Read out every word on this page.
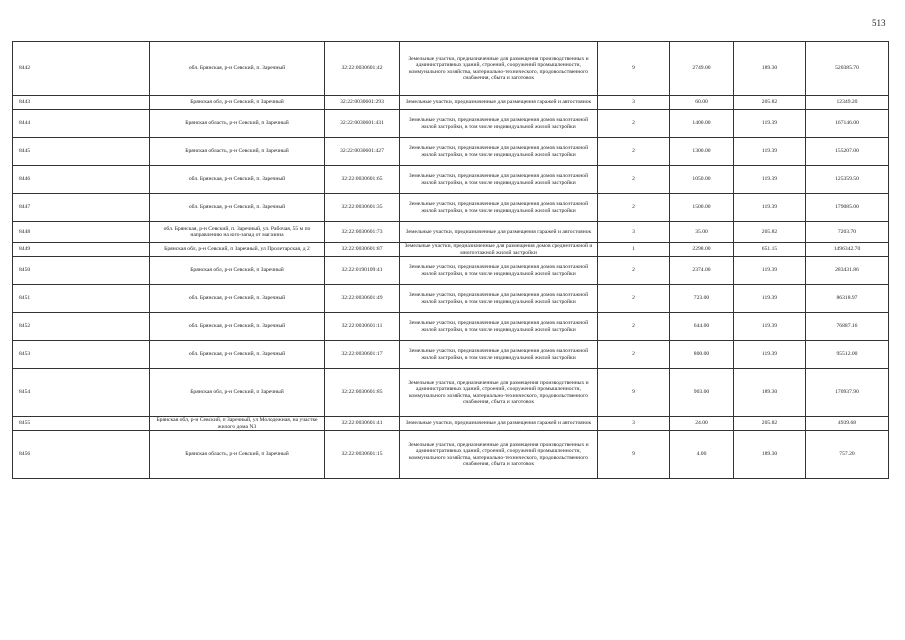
513
8442	обл. Брянская, р-н Севский, п. Заречный	32:22:0030601:42	Земельные участки, предназначенные для размещения производственных и административных зданий, строений, сооружений промышленности, коммунального хозяйства, материально-технического, продовольственного снабжения, сбыта и заготовок	9	2749.00	189.30	520385.70
8443	Брянская обл, р-н Севский, п Заречный	32:22:0030601:293	Земельные участки, предназначенные для размещения гаражей и автостоянок	3	60.00	205.82	12349.20
8444	Брянская область, р-н Севский, п Заречный	32:22:0030601:431	Земельные участки, предназначенные для размещения домов малоэтажной жилой застройки, в том числе индивидуальной жилой застройки	2	1400.00	119.39	167146.00
8445	Брянская область, р-н Севский, п Заречный	32:22:0030601:427	Земельные участки, предназначенные для размещения домов малоэтажной жилой застройки, в том числе индивидуальной жилой застройки	2	1300.00	119.39	155207.00
8446	обл. Брянская, р-н Севский, п. Заречный	32:22:0030601:65	Земельные участки, предназначенные для размещения домов малоэтажной жилой застройки, в том числе индивидуальной жилой застройки	2	1050.00	119.39	125359.50
8447	обл. Брянская, р-н Севский, п. Заречный	32:22:0030601:35	Земельные участки, предназначенные для размещения домов малоэтажной жилой застройки, в том числе индивидуальной жилой застройки	2	1500.00	119.39	179085.00
8448	обл. Брянская, р-н Севский, п. Заречный, ул. Рабочая, 55 м по направлению на юго-запад от магазина	32:22:0030601:73	Земельные участки, предназначенные для размещения гаражей и автостоянок	3	35.00	205.82	7203.70
8449	Брянская обл, р-н Севский, п Заречный, ул Пролетарская, д 2	32:22:0030601:87	Земельные участки, предназначенные для размещения домов среднеэтажной и многоэтажной жилой застройки	1	2298.00	651.15	1496342.70
8450	Брянская обл, р-н Севский, п Заречный	32:22:0190109:41	Земельные участки, предназначенные для размещения домов малоэтажной жилой застройки, в том числе индивидуальной жилой застройки	2	2374.00	119.39	283431.86
8451	обл. Брянская, р-н Севский, п. Заречный	32:22:0030601:49	Земельные участки, предназначенные для размещения домов малоэтажной жилой застройки, в том числе индивидуальной жилой застройки	2	723.00	119.39	86318.97
8452	обл. Брянская, р-н Севский, п. Заречный	32:22:0030601:11	Земельные участки, предназначенные для размещения домов малоэтажной жилой застройки, в том числе индивидуальной жилой застройки	2	644.00	119.39	76887.16
8453	обл. Брянская, р-н Севский, п. Заречный	32:22:0030601:17	Земельные участки, предназначенные для размещения домов малоэтажной жилой застройки, в том числе индивидуальной жилой застройки	2	800.00	119.39	95512.00
8454	Брянская обл, р-н Севский, п Заречный	32:22:0030601:85	Земельные участки, предназначенные для размещения производственных и административных зданий, строений, сооружений промышленности, коммунального хозяйства, материально-технического, продовольственного снабжения, сбыта и заготовок	9	903.00	189.30	170937.90
8455	Брянская обл, р-н Севский, п Заречный, ул Молодежная, на участке жилого дома N3	32:22:0030601:41	Земельные участки, предназначенные для размещения гаражей и автостоянок	3	24.00	205.82	4939.68
8456	Брянская область, р-н Севский, п Заречный	32:22:0030601:15	Земельные участки, предназначенные для размещения производственных и административных зданий, строений, сооружений промышленности, коммунального хозяйства, материально-технического, продовольственного снабжения, сбыта и заготовок	9	4.00	189.30	757.20
